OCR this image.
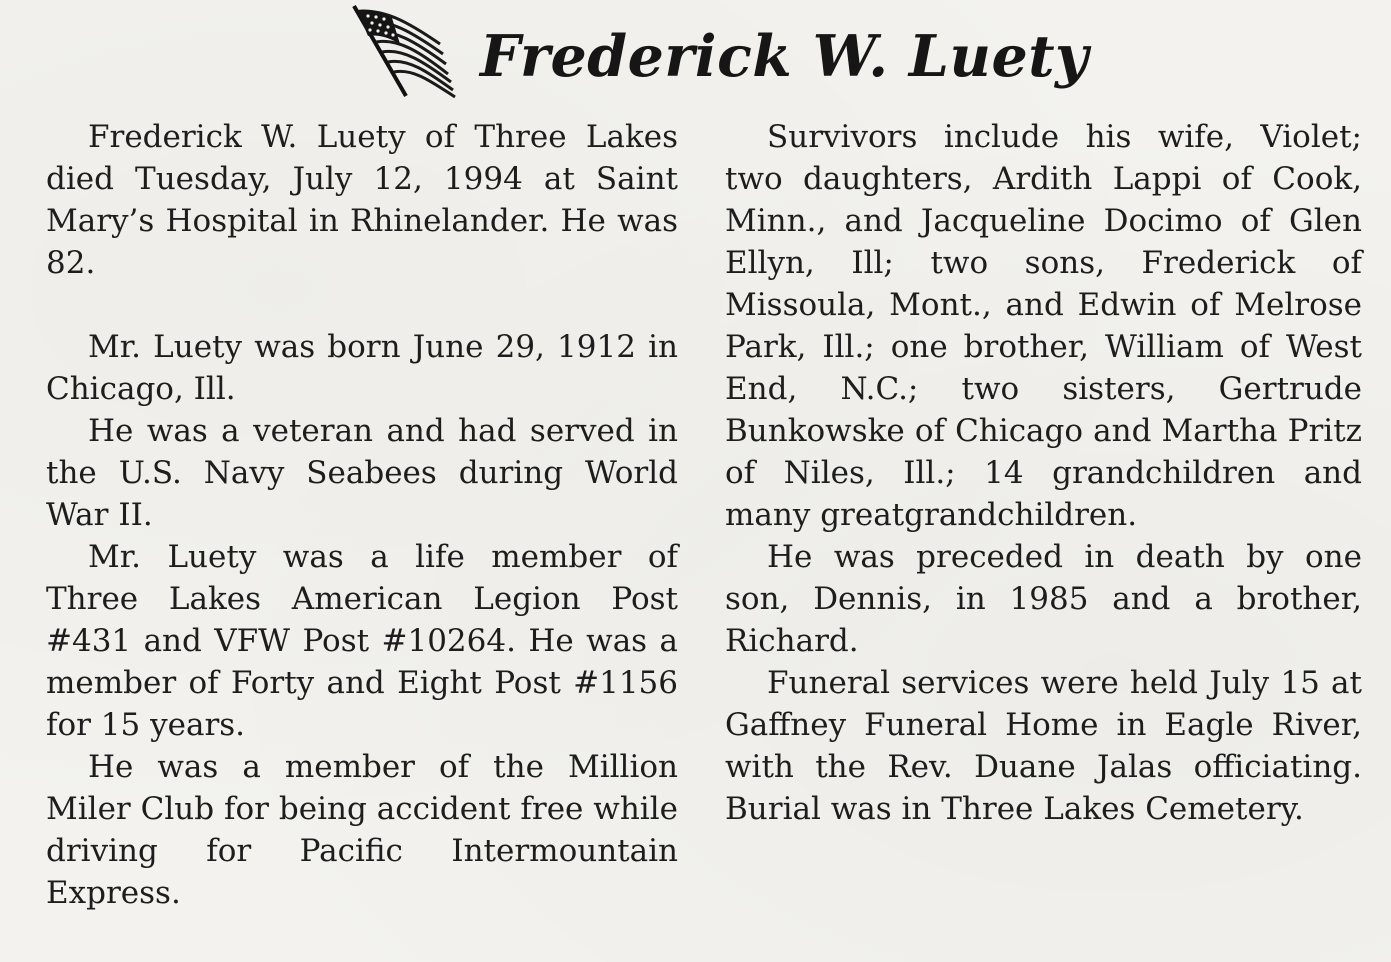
Frederick W. Luety

Frederick W. Luety of Three Lakes died Tuesday, July 12, 1994 at Saint Mary’s Hospital in Rhinelander. He was 82.

Mr. Luety was born June 29, 1912 in Chicago, Ill.

He was a veteran and had served in the U.S. Navy Seabees during World War II.

Mr. Luety was a life member of Three Lakes American Legion Post #431 and VFW Post #10264. He was a member of Forty and Eight Post #1156 for 15 years.

He was a member of the Million Miler Club for being accident free while driving for Pacific Intermountain Express.

Survivors include his wife, Violet; two daughters, Ardith Lappi of Cook, Minn., and Jacqueline Docimo of Glen Ellyn, Ill; two sons, Frederick of Missoula, Mont., and Edwin of Melrose Park, Ill.; one brother, William of West End, N.C.; two sisters, Gertrude Bunkowske of Chicago and Martha Pritz of Niles, Ill.; 14 grandchildren and many greatgrandchildren.

He was preceded in death by one son, Dennis, in 1985 and a brother, Richard.

Funeral services were held July 15 at Gaffney Funeral Home in Eagle River, with the Rev. Duane Jalas officiating. Burial was in Three Lakes Cemetery.
